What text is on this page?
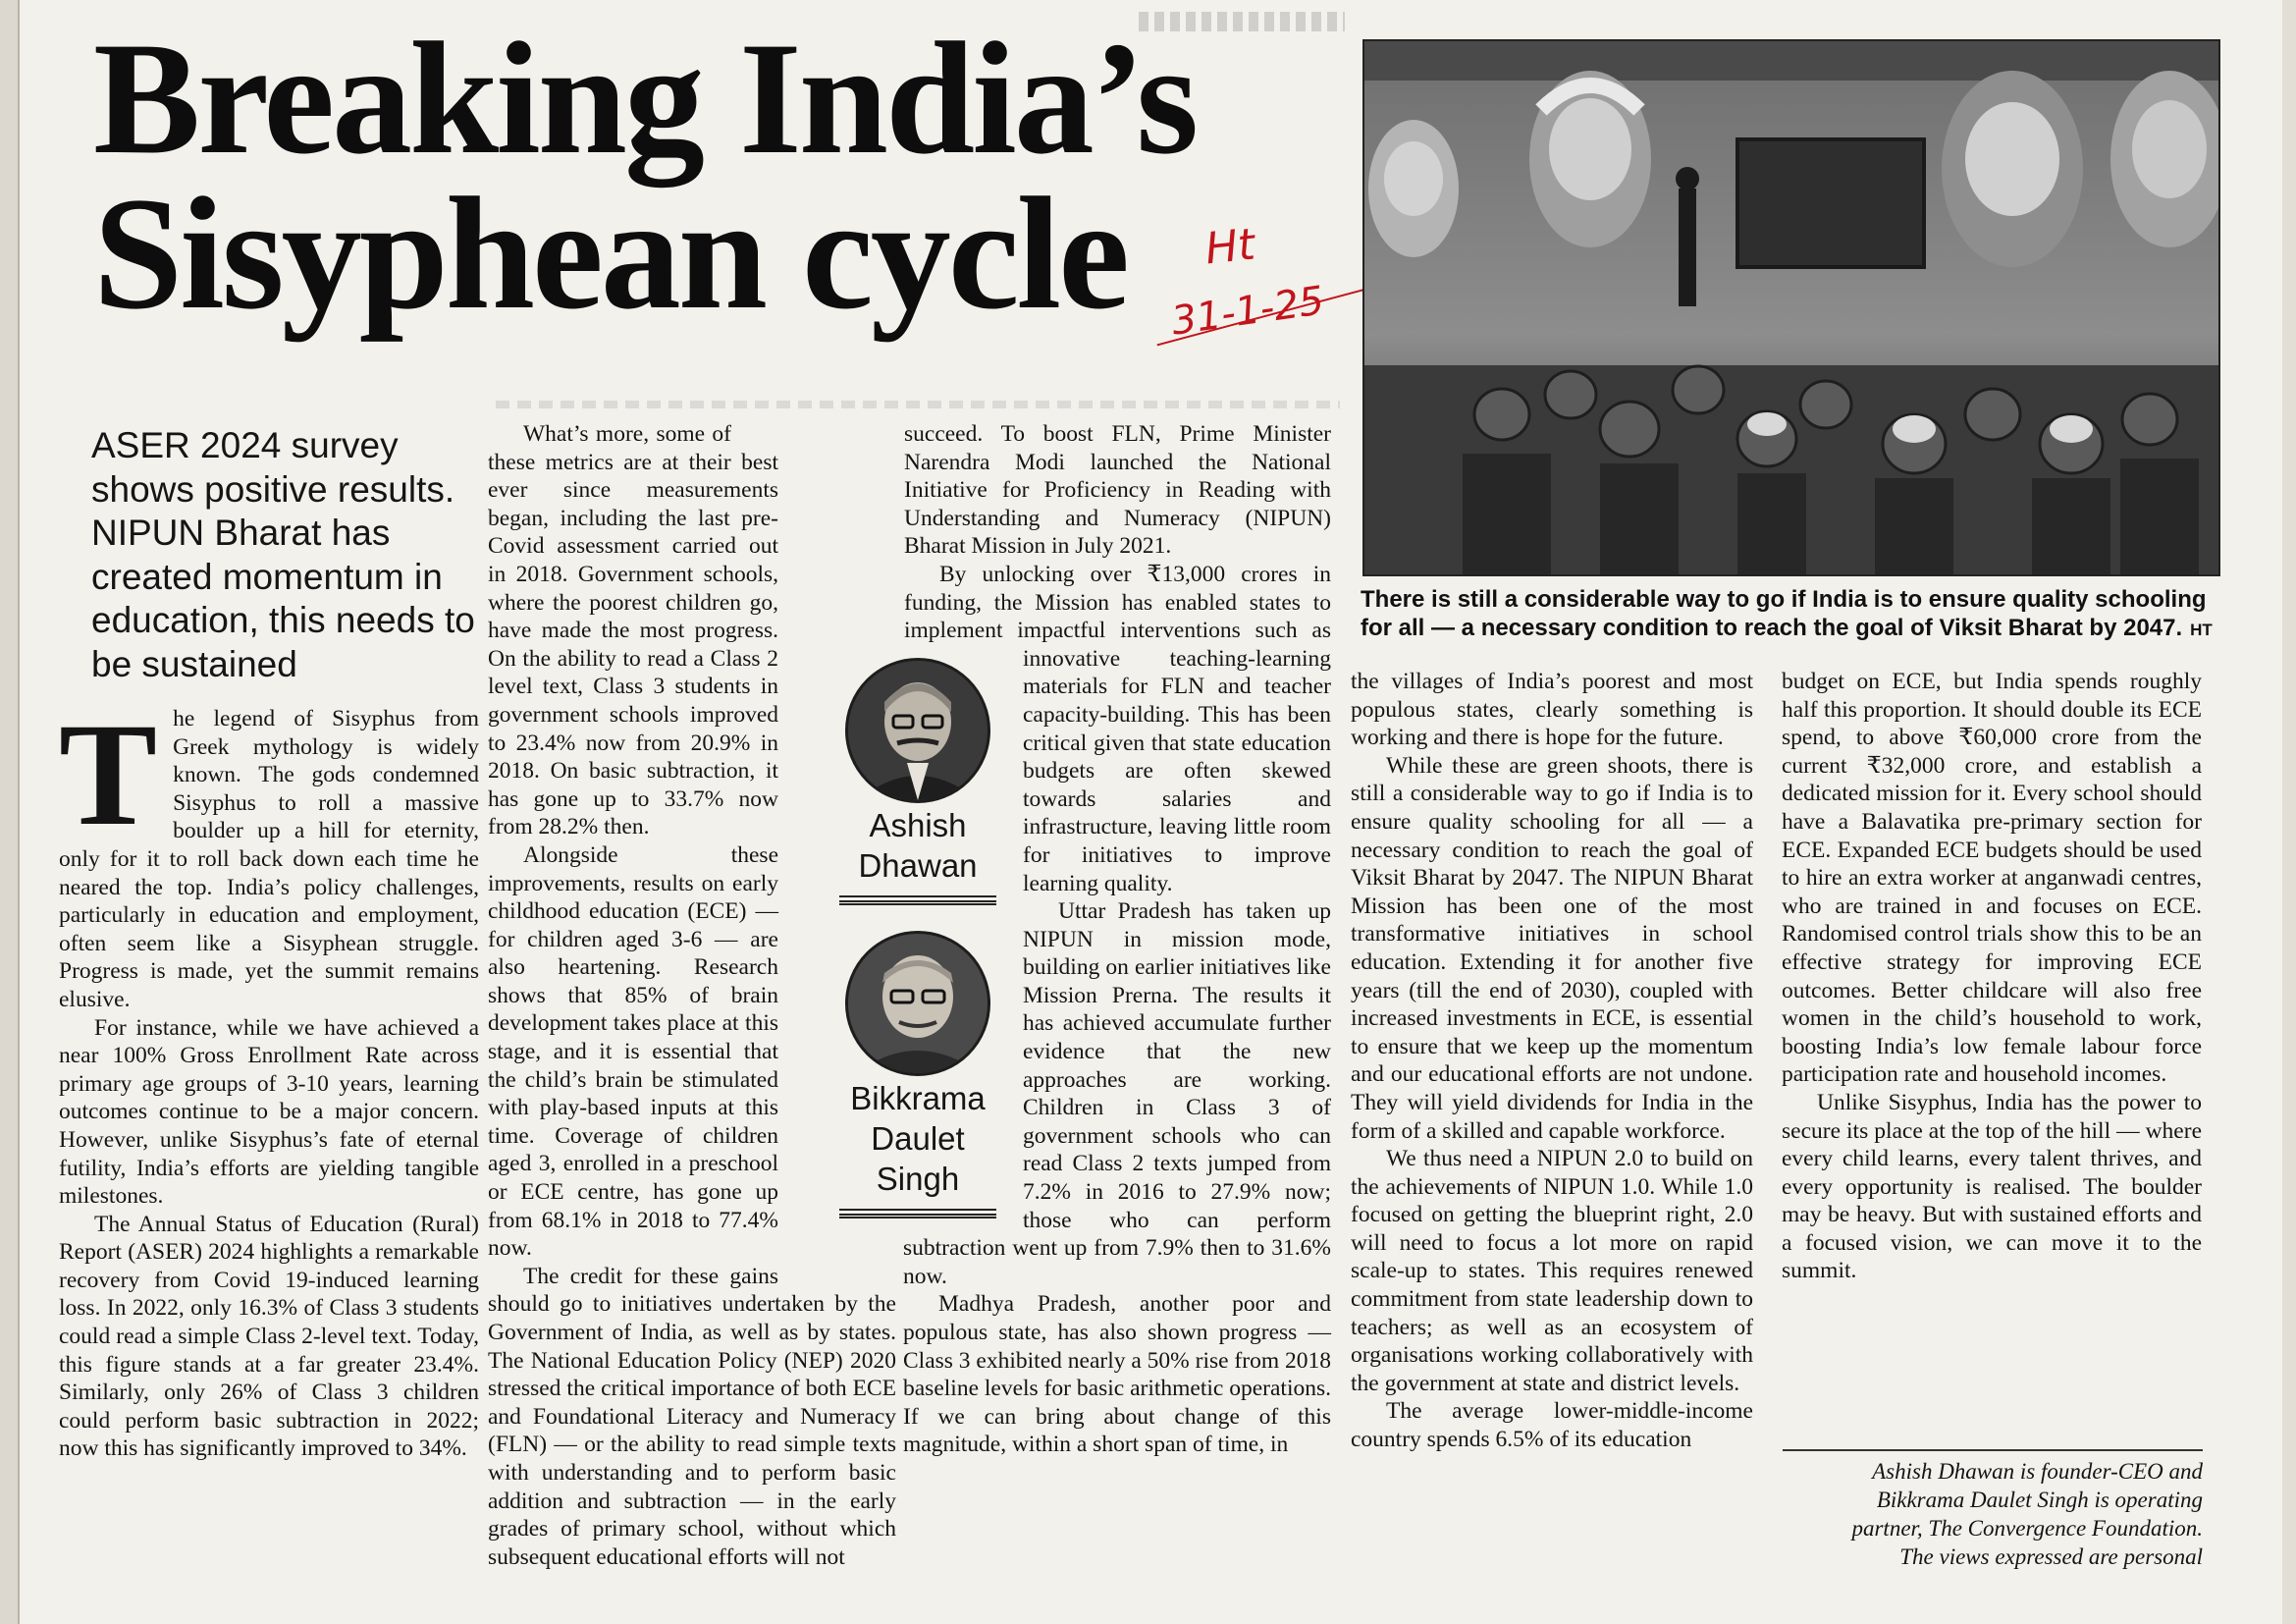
Breaking India’s
Sisyphean cycle	Ht
31-1-25

ASER 2024 survey shows positive results. NIPUN Bharat has created momentum in education, this needs to be sustained

The legend of Sisyphus from Greek mythology is widely known. The gods condemned Sisyphus to roll a massive boulder up a hill for eternity, only for it to roll back down each time he neared the top. India’s policy challenges, particularly in education and employment, often seem like a Sisyphean struggle. Progress is made, yet the summit remains elusive.

For instance, while we have achieved a near 100% Gross Enrollment Rate across primary age groups of 3-10 years, learning outcomes continue to be a major concern. However, unlike Sisyphus’s fate of eternal futility, India’s efforts are yielding tangible milestones.

The Annual Status of Education (Rural) Report (ASER) 2024 highlights a remarkable recovery from Covid 19-induced learning loss. In 2022, only 16.3% of Class 3 students could read a simple Class 2-level text. Today, this figure stands at a far greater 23.4%. Similarly, only 26% of Class 3 children could perform basic subtraction in 2022; now this has significantly improved to 34%.

What’s more, some of these metrics are at their best ever since measurements began, including the last pre-Covid assessment carried out in 2018. Government schools, where the poorest children go, have made the most progress. On the ability to read a Class 2 level text, Class 3 students in government schools improved to 23.4% now from 20.9% in 2018. On basic subtraction, it has gone up to 33.7% now from 28.2% then.

Alongside these improvements, results on early childhood education (ECE) — for children aged 3-6 — are also heartening. Research shows that 85% of brain development takes place at this stage, and it is essential that the child’s brain be stimulated with play-based inputs at this time. Coverage of children aged 3, enrolled in a preschool or ECE centre, has gone up from 68.1% in 2018 to 77.4% now.

The credit for these gains should go to initiatives undertaken by the Government of India, as well as by states. The National Education Policy (NEP) 2020 stressed the critical importance of both ECE and Foundational Literacy and Numeracy (FLN) — or the ability to read simple texts with understanding and to perform basic addition and subtraction — in the early grades of primary school, without which subsequent educational efforts will not

succeed. To boost FLN, Prime Minister Narendra Modi launched the National Initiative for Proficiency in Reading with Understanding and Numeracy (NIPUN) Bharat Mission in July 2021.

By unlocking over ₹13,000 crores in funding, the Mission has enabled states to implement impactful interventions such as innovative teaching-learning materials for FLN and teacher capacity-building. This has been critical given that state education budgets are often skewed towards salaries and infrastructure, leaving little room for initiatives to improve learning quality.

Uttar Pradesh has taken up NIPUN in mission mode, building on earlier initiatives like Mission Prerna. The results it has achieved accumulate further evidence that the new approaches are working. Children in Class 3 of government schools who can read Class 2 texts jumped from 7.2% in 2016 to 27.9% now; those who can perform subtraction went up from 7.9% then to 31.6% now.

Madhya Pradesh, another poor and populous state, has also shown progress — Class 3 exhibited nearly a 50% rise from 2018 baseline levels for basic arithmetic operations. If we can bring about change of this magnitude, within a short span of time, in

Ashish
Dhawan
Bikkrama
Daulet
Singh

There is still a considerable way to go if India is to ensure quality schooling for all — a necessary condition to reach the goal of Viksit Bharat by 2047. HT

the villages of India’s poorest and most populous states, clearly something is working and there is hope for the future.

While these are green shoots, there is still a considerable way to go if India is to ensure quality schooling for all — a necessary condition to reach the goal of Viksit Bharat by 2047. The NIPUN Bharat Mission has been one of the most transformative initiatives in school education. Extending it for another five years (till the end of 2030), coupled with increased investments in ECE, is essential to ensure that we keep up the momentum and our educational efforts are not undone. They will yield dividends for India in the form of a skilled and capable workforce.

We thus need a NIPUN 2.0 to build on the achievements of NIPUN 1.0. While 1.0 focused on getting the blueprint right, 2.0 will need to focus a lot more on rapid scale-up to states. This requires renewed commitment from state leadership down to teachers; as well as an ecosystem of organisations working collaboratively with the government at state and district levels.

The average lower-middle-income country spends 6.5% of its education

budget on ECE, but India spends roughly half this proportion. It should double its ECE spend, to above ₹60,000 crore from the current ₹32,000 crore, and establish a dedicated mission for it. Every school should have a Balavatika pre-primary section for ECE. Expanded ECE budgets should be used to hire an extra worker at anganwadi centres, who are trained in and focuses on ECE. Randomised control trials show this to be an effective strategy for improving ECE outcomes. Better childcare will also free women in the child’s household to work, boosting India’s low female labour force participation rate and household incomes.

Unlike Sisyphus, India has the power to secure its place at the top of the hill — where every child learns, every talent thrives, and every opportunity is realised. The boulder may be heavy. But with sustained efforts and a focused vision, we can move it to the summit.

Ashish Dhawan is founder-CEO and
Bikkrama Daulet Singh is operating
partner, The Convergence Foundation.
The views expressed are personal
